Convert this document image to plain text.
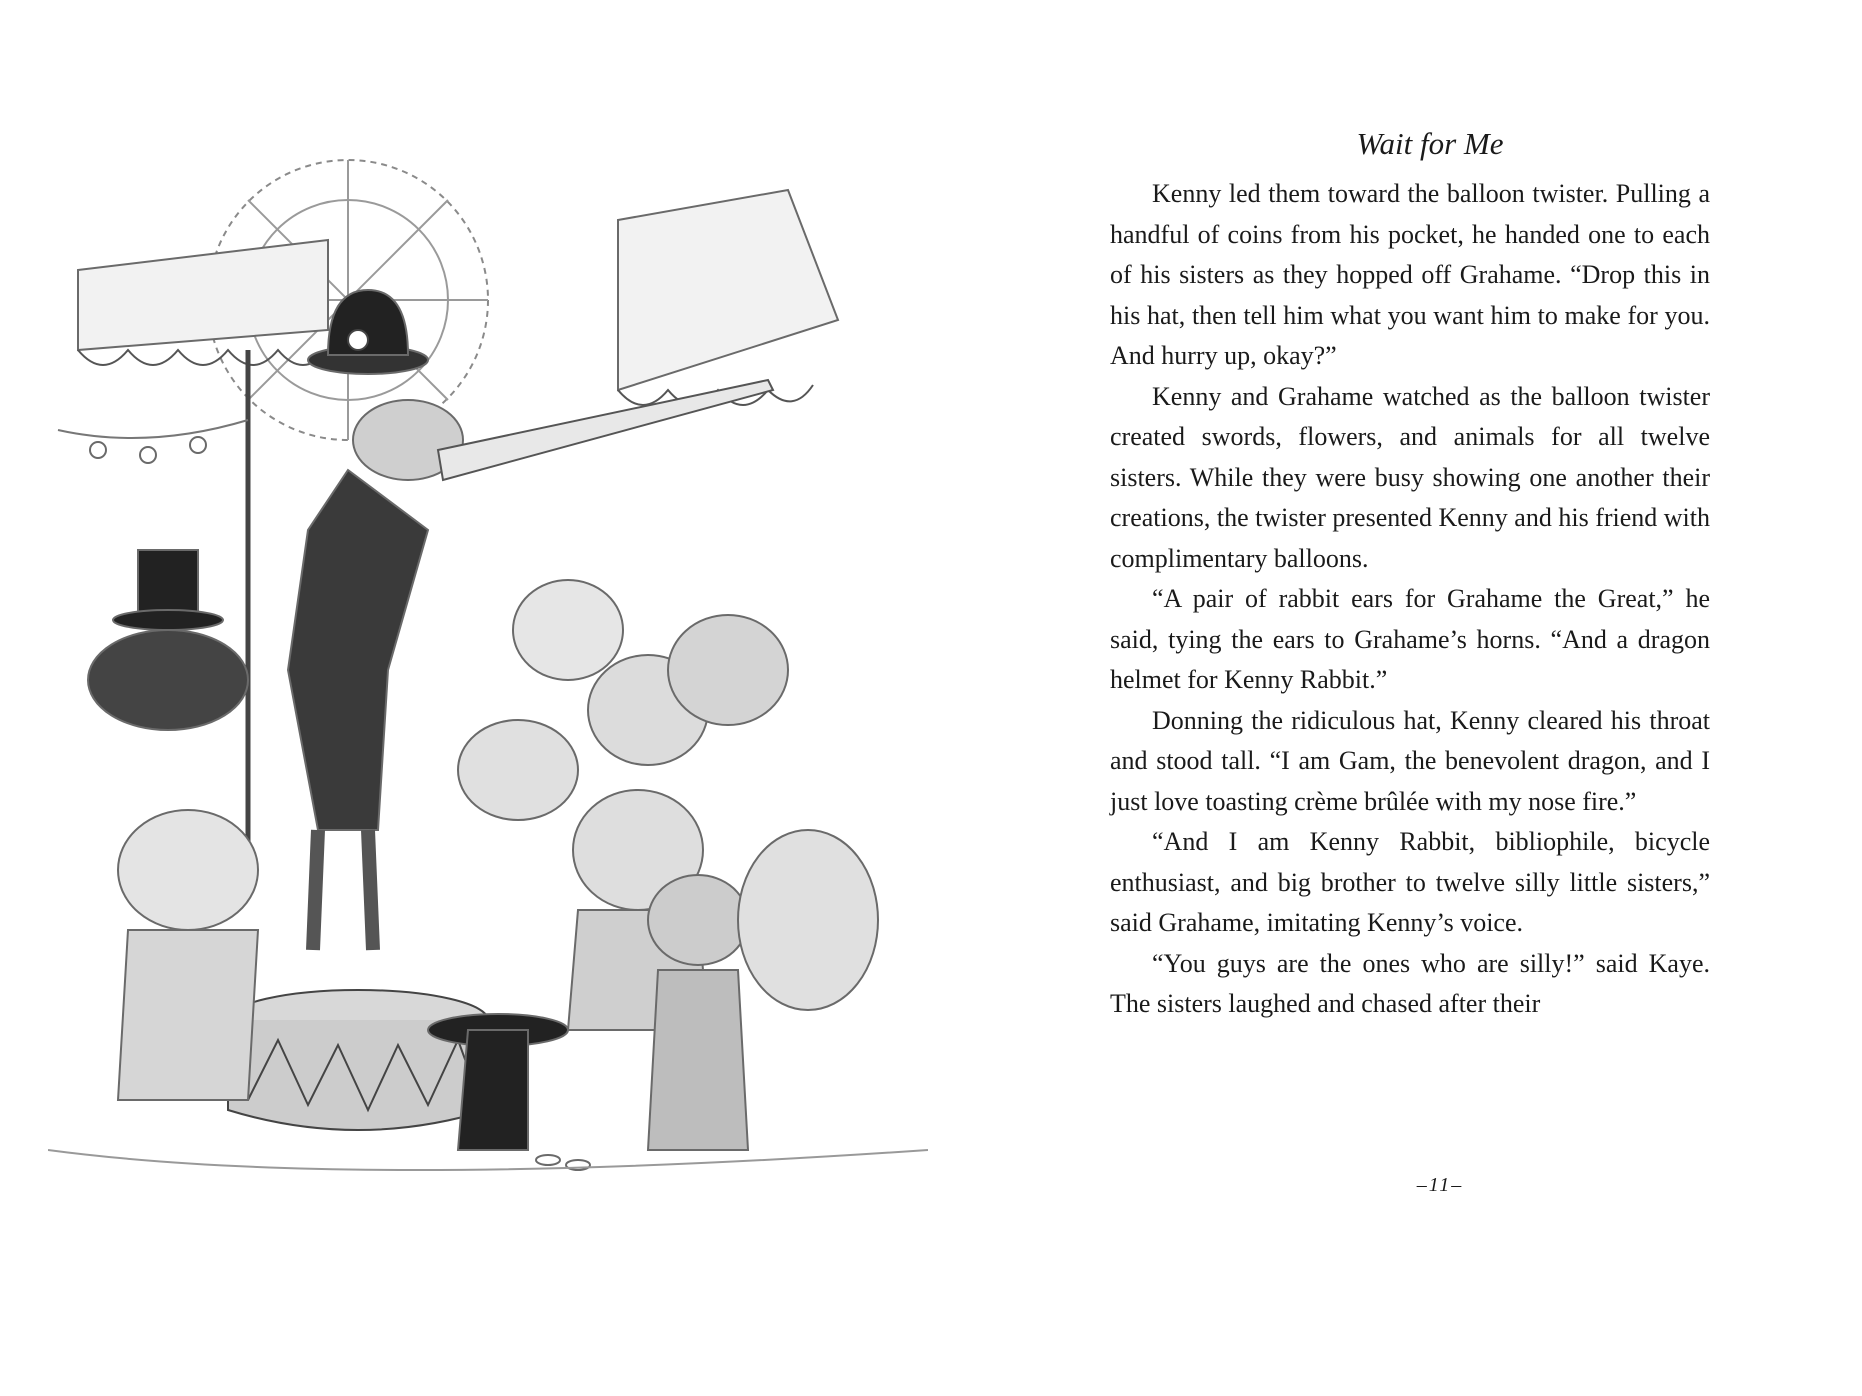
Wait for Me

Kenny led them toward the balloon twister. Pulling a handful of coins from his pocket, he handed one to each of his sisters as they hopped off Grahame. “Drop this in his hat, then tell him what you want him to make for you. And hurry up, okay?”

Kenny and Grahame watched as the balloon twister created swords, flowers, and animals for all twelve sisters. While they were busy showing one another their creations, the twister presented Kenny and his friend with complimentary balloons.

“A pair of rabbit ears for Grahame the Great,” he said, tying the ears to Grahame’s horns. “And a dragon helmet for Kenny Rabbit.”

Donning the ridiculous hat, Kenny cleared his throat and stood tall. “I am Gam, the benevolent dragon, and I just love toasting crème brûlée with my nose fire.”

“And I am Kenny Rabbit, bibliophile, bicycle enthusiast, and big brother to twelve silly little sisters,” said Grahame, imitating Kenny’s voice.

“You guys are the ones who are silly!” said Kaye. The sisters laughed and chased after their

–11–
